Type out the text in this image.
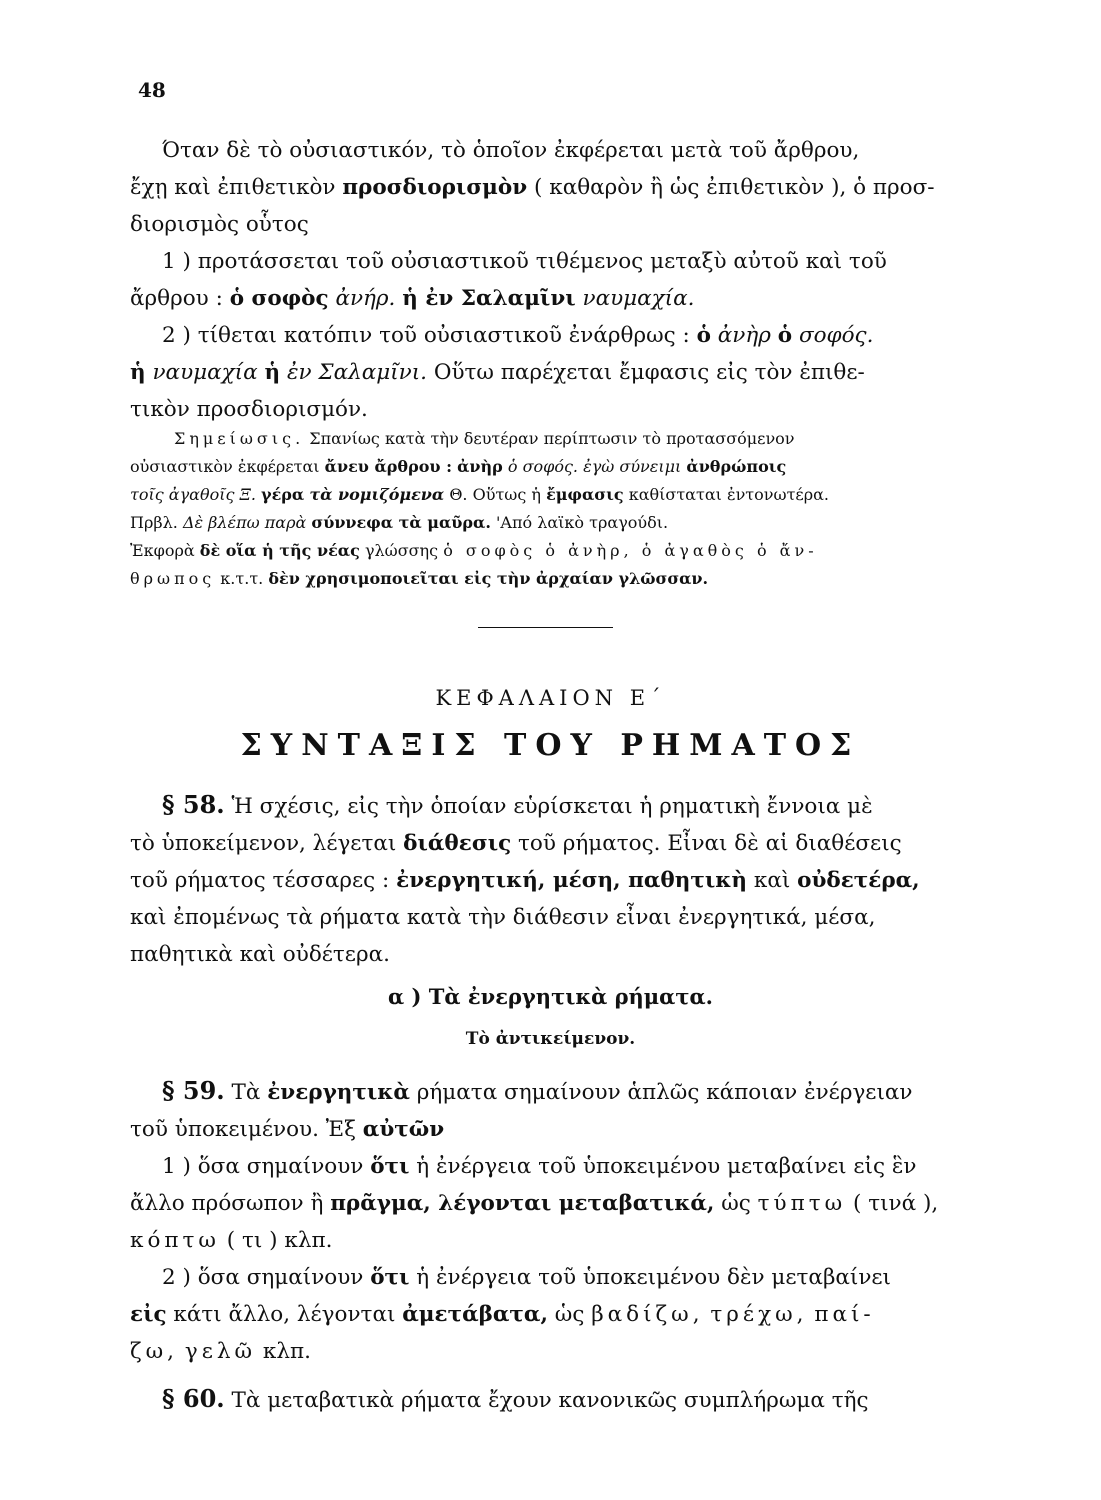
48

Όταν δὲ τὸ οὐσιαστικόν, τὸ ὁποῖον ἐκφέρεται μετὰ τοῦ ἄρθρου,
ἔχῃ καὶ ἐπιθετικὸν προσδιορισμὸν ( καθαρὸν ἢ ὡς ἐπιθετικὸν ), ὁ προσ-
διορισμὸς οὗτος

1 ) προτάσσεται τοῦ οὐσιαστικοῦ τιθέμενος μεταξὺ αὐτοῦ καὶ τοῦ
ἄρθρου : ὁ σοφὸς ἀνήρ. ἡ ἐν Σαλαμῖνι ναυμαχία.

2 ) τίθεται κατόπιν τοῦ οὐσιαστικοῦ ἐνάρθρως : ὁ ἀνὴρ ὁ σοφός.
ἡ ναυμαχία ἡ ἐν Σαλαμῖνι. Οὕτω παρέχεται ἔμφασις εἰς τὸν ἐπιθε-
τικὸν προσδιορισμόν.

Σημείωσις. Σπανίως κατὰ τὴν δευτέραν περίπτωσιν τὸ προτασσόμενον
οὐσιαστικὸν ἐκφέρεται ἄνευ ἄρθρου : ἀνὴρ ὁ σοφός. ἐγὼ σύνειμι ἀνθρώποις
τοῖς ἀγαθοῖς Ξ. γέρα τὰ νομιζόμενα Θ. Οὕτως ἡ ἔμφασις καθίσταται ἐντονωτέρα.
Πρβλ. Δὲ βλέπω παρὰ σύννεφα τὰ μαῦρα. 'Από λαϊκὸ τραγούδι.
Ἐκφορὰ δὲ οἵα ἡ τῆς νέας γλώσσης ὁ σοφὸς ὁ ἀνὴρ, ὁ ἀγαθὸς ὁ ἄν-
θρωπος κ.τ.τ. δὲν χρησιμοποιεῖται εἰς τὴν ἀρχαίαν γλῶσσαν.

ΚΕΦΑΛΑΙΟΝ Ε΄
ΣΥΝΤΑΞΙΣ ΤΟΥ ΡΗΜΑΤΟΣ

§ 58. Ἡ σχέσις, εἰς τὴν ὁποίαν εὑρίσκεται ἡ ρηματικὴ ἔννοια μὲ
τὸ ὑποκείμενον, λέγεται διάθεσις τοῦ ρήματος. Εἶναι δὲ αἱ διαθέσεις
τοῦ ρήματος τέσσαρες : ἐνεργητική, μέση, παθητικὴ καὶ οὐδετέρα,
καὶ ἐπομένως τὰ ρήματα κατὰ τὴν διάθεσιν εἶναι ἐνεργητικά, μέσα,
παθητικὰ καὶ οὐδέτερα.

α ) Τὰ ἐνεργητικὰ ρήματα.
Τὸ ἀντικείμενον.

§ 59. Τὰ ἐνεργητικὰ ρήματα σημαίνουν ἁπλῶς κάποιαν ἐνέργειαν
τοῦ ὑποκειμένου. Ἐξ αὐτῶν

1 ) ὅσα σημαίνουν ὅτι ἡ ἐνέργεια τοῦ ὑποκειμένου μεταβαίνει εἰς ἓν
ἄλλο πρόσωπον ἢ πρᾶγμα, λέγονται μεταβατικά, ὡς τύπτω ( τινά ),
κόπτω ( τι ) κλπ.

2 ) ὅσα σημαίνουν ὅτι ἡ ἐνέργεια τοῦ ὑποκειμένου δὲν μεταβαίνει
εἰς κάτι ἄλλο, λέγονται ἀμετάβατα, ὡς βαδίζω, τρέχω, παί-
ζω, γελῶ κλπ.

§ 60. Τὰ μεταβατικὰ ρήματα ἔχουν κανονικῶς συμπλήρωμα τῆς
